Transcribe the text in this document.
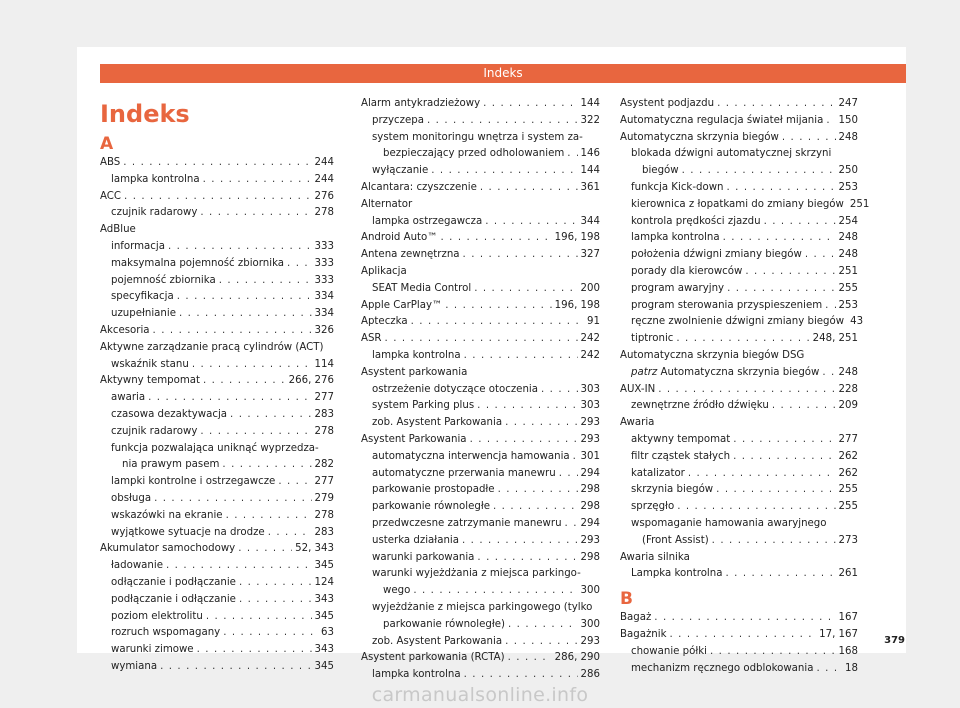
Indeks
Indeks
A
ABS . . .	244
lampka kontrolna . . .	244
ACC . . .	276
czujnik radarowy . . .	278
AdBlue
informacja . . .	333
maksymalna pojemność zbiornika . . .	333
pojemność zbiornika . . .	333
specyfikacja . . .	334
uzupełnianie . . .	334
Akcesoria . . .	326
Aktywne zarządzanie pracą cylindrów (ACT)
wskaźnik stanu . . .	114
Aktywny tempomat . . .	266, 276
awaria . . .	277
czasowa dezaktywacja . . .	283
czujnik radarowy . . .	278
funkcja pozwalająca uniknąć wyprzedza-
nia prawym pasem . . .	282
lampki kontrolne i ostrzegawcze . . .	277
obsługa . . .	279
wskazówki na ekranie . . .	278
wyjątkowe sytuacje na drodze . . .	283
Akumulator samochodowy . . .	52, 343
ładowanie . . .	345
odłączanie i podłączanie . . .	124
podłączanie i odłączanie . . .	343
poziom elektrolitu . . .	345
rozruch wspomagany . . .	63
warunki zimowe . . .	343
wymiana . . .	345
Alarm antykradzieżowy . . .	144
przyczepa . . .	322
system monitoringu wnętrza i system za-
bezpieczający przed odholowaniem . . . 146
wyłączanie . . .	144
Alcantara: czyszczenie . . .	361
Alternator
lampka ostrzegawcza . . .	344
Android Auto™ . . .	196, 198
Antena zewnętrzna . . .	327
Aplikacja
SEAT Media Control . . .	200
Apple CarPlay™ . . .	196, 198
Apteczka . . .	91
ASR . . .	242
lampka kontrolna . . .	242
Asystent parkowania
ostrzeżenie dotyczące otoczenia . . .	303
system Parking plus . . .	303
zob. Asystent Parkowania . . .	293
Asystent Parkowania . . .	293
automatyczna interwencja hamowania . . . 301
automatyczne przerwania manewru . . . 294
parkowanie prostopadłe . . .	298
parkowanie równoległe . . .	298
przedwczesne zatrzymanie manewru . . . 294
usterka działania . . .	293
warunki parkowania . . .	298
warunki wyjeżdżania z miejsca parkingo-
wego . . .	300
wyjeżdżanie z miejsca parkingowego (tylko
parkowanie równoległe) . . .	300
zob. Asystent Parkowania . . .	293
Asystent parkowania (RCTA) . . .	286, 290
lampka kontrolna . . .	286
Asystent podjazdu . . .	247
Automatyczna regulacja świateł mijania . . . 150
Automatyczna skrzynia biegów . . .	248
blokada dźwigni automatycznej skrzyni
biegów . . .	250
funkcja Kick-down . . .	253
kierownica z łopatkami do zmiany biegów 251
kontrola prędkości zjazdu . . .	254
lampka kontrolna . . .	248
położenia dźwigni zmiany biegów . . .	248
porady dla kierowców . . .	251
program awaryjny . . .	255
program sterowania przyspieszeniem . . . 253
ręczne zwolnienie dźwigni zmiany biegów 43
tiptronic . . .	248, 251
Automatyczna skrzynia biegów DSG
patrz Automatyczna skrzynia biegów . . . 248
AUX-IN . . .	228
zewnętrzne źródło dźwięku . . .	209
Awaria
aktywny tempomat . . .	277
filtr cząstek stałych . . .	262
katalizator . . .	262
skrzynia biegów . . .	255
sprzęgło . . .	255
wspomaganie hamowania awaryjnego
(Front Assist) . . .	273
Awaria silnika
Lampka kontrolna . . .	261
B
Bagaż . . .	167
Bagażnik . . .	17, 167
chowanie półki . . .	168
mechanizm ręcznego odblokowania . . .	18
379
carmanualsonline.info
